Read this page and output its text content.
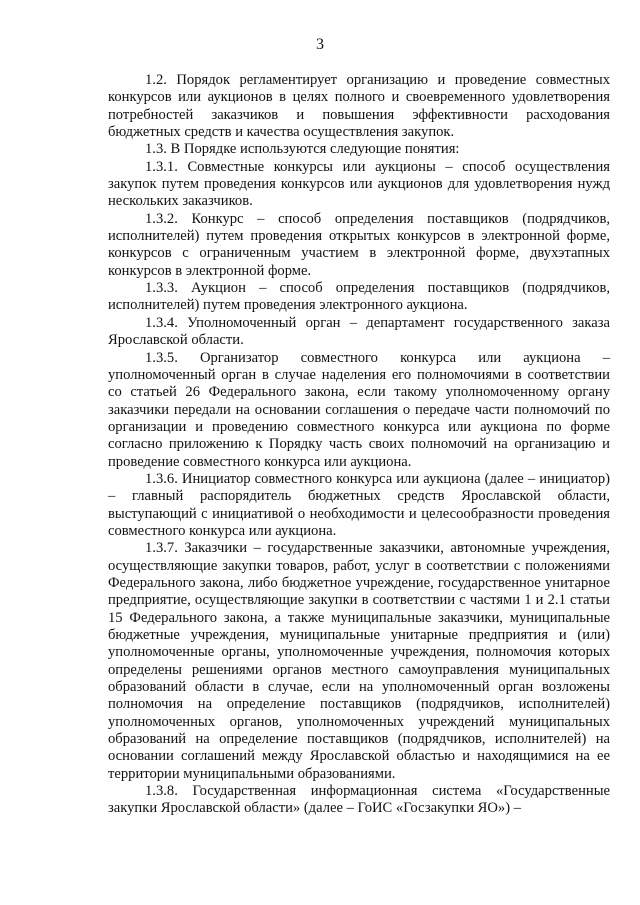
3

1.2. Порядок регламентирует организацию и проведение совместных конкурсов или аукционов в целях полного и своевременного удовлетворения потребностей заказчиков и повышения эффективности расходования бюджетных средств и качества осуществления закупок.

1.3. В Порядке используются следующие понятия:

1.3.1. Совместные конкурсы или аукционы – способ осуществления закупок путем проведения конкурсов или аукционов для удовлетворения нужд нескольких заказчиков.

1.3.2. Конкурс – способ определения поставщиков (подрядчиков, исполнителей) путем проведения открытых конкурсов в электронной форме, конкурсов с ограниченным участием в электронной форме, двухэтапных конкурсов в электронной форме.

1.3.3. Аукцион – способ определения поставщиков (подрядчиков, исполнителей) путем проведения электронного аукциона.

1.3.4. Уполномоченный орган – департамент государственного заказа Ярославской области.

1.3.5. Организатор совместного конкурса или аукциона – уполномоченный орган в случае наделения его полномочиями в соответствии со статьей 26 Федерального закона, если такому уполномоченному органу заказчики передали на основании соглашения о передаче части полномочий по организации и проведению совместного конкурса или аукциона по форме согласно приложению к Порядку часть своих полномочий на организацию и проведение совместного конкурса или аукциона.

1.3.6. Инициатор совместного конкурса или аукциона (далее – инициатор) – главный распорядитель бюджетных средств Ярославской области, выступающий с инициативой о необходимости и целесообразности проведения совместного конкурса или аукциона.

1.3.7. Заказчики – государственные заказчики, автономные учреждения, осуществляющие закупки товаров, работ, услуг в соответствии с положениями Федерального закона, либо бюджетное учреждение, государственное унитарное предприятие, осуществляющие закупки в соответствии с частями 1 и 2.1 статьи 15 Федерального закона, а также муниципальные заказчики, муниципальные бюджетные учреждения, муниципальные унитарные предприятия и (или) уполномоченные органы, уполномоченные учреждения, полномочия которых определены решениями органов местного самоуправления муниципальных образований области в случае, если на уполномоченный орган возложены полномочия на определение поставщиков (подрядчиков, исполнителей) уполномоченных органов, уполномоченных учреждений муниципальных образований на определение поставщиков (подрядчиков, исполнителей) на основании соглашений между Ярославской областью и находящимися на ее территории муниципальными образованиями.

1.3.8. Государственная информационная система «Государственные закупки Ярославской области» (далее – ГоИС «Госзакупки ЯО») –
